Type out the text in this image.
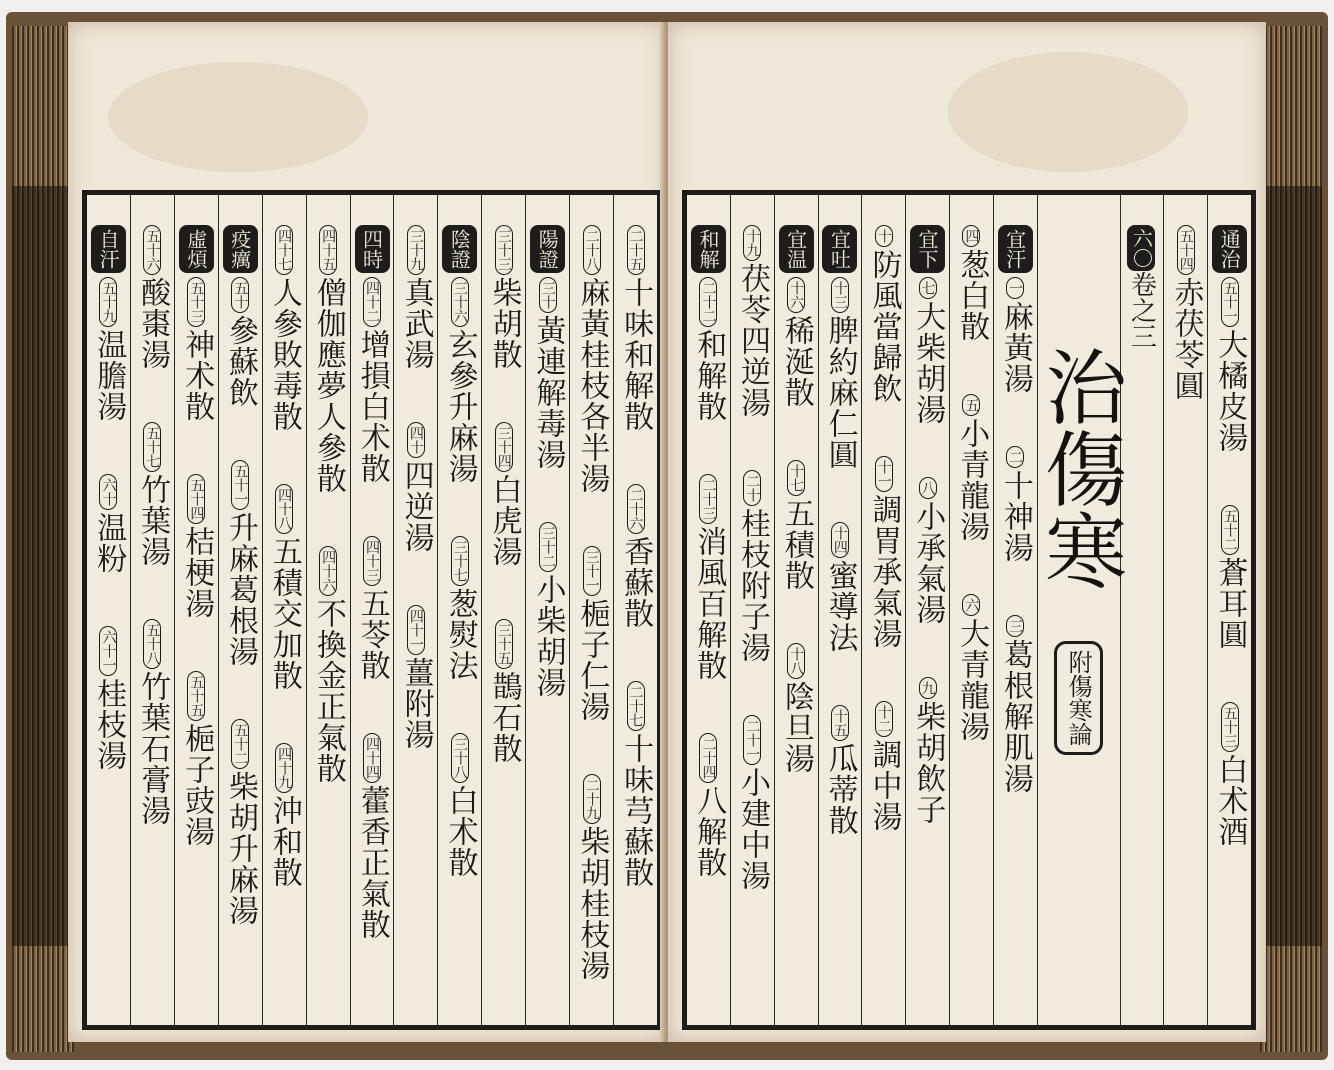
二十五
十味和解散
二十六
香蘇散
二十七
十味芎蘇散
二十八
麻黃桂枝各半湯
三十一
梔子仁湯
二十九
柴胡桂枝湯
陽證
三十
黃連解毒湯
三十二
小柴胡湯
三十三
柴胡散
三十四
白虎湯
三十五
鵲石散
陰證
三十六
玄參升麻湯
三十七
葱熨法
三十八
白术散
三十九
真武湯
四十
四逆湯
四十一
薑附湯
四時
四十二
增損白术散
四十三
五苓散
四十四
藿香正氣散
四十五
僧伽應夢人參散
四十六
不換金正氣散
四十七
人參敗毒散
四十八
五積交加散
四十九
沖和散
疫癘
五十
參蘇飲
五十一
升麻葛根湯
五十二
柴胡升麻湯
虛煩
五十三
神术散
五十四
桔梗湯
五十五
梔子豉湯
五十六
酸棗湯
五十七
竹葉湯
五十八
竹葉石膏湯
自汗
五十九
温膽湯
六十
温粉
六十一
桂枝湯
通治
五十一
大橘皮湯
五十二
蒼耳圓
五十三
白术酒
五十四
赤茯苓圓
六〇卷之三
治傷寒
附傷寒論
宜汗
一
麻黃湯
二
十神湯
三
葛根解肌湯
四
葱白散
五
小青龍湯
六
大青龍湯
宜下
七
大柴胡湯
八
小承氣湯
九
柴胡飲子
十
防風當歸飲
十一
調胃承氣湯
十二
調中湯
宜吐
十三
脾約麻仁圓
十四
蜜導法
十五
瓜蒂散
宜温
十六
稀涎散
十七
五積散
十八
陰旦湯
十九
茯苓四逆湯
二十
桂枝附子湯
二十一
小建中湯
和解
二十二
和解散
二十三
消風百解散
二十四
八解散
